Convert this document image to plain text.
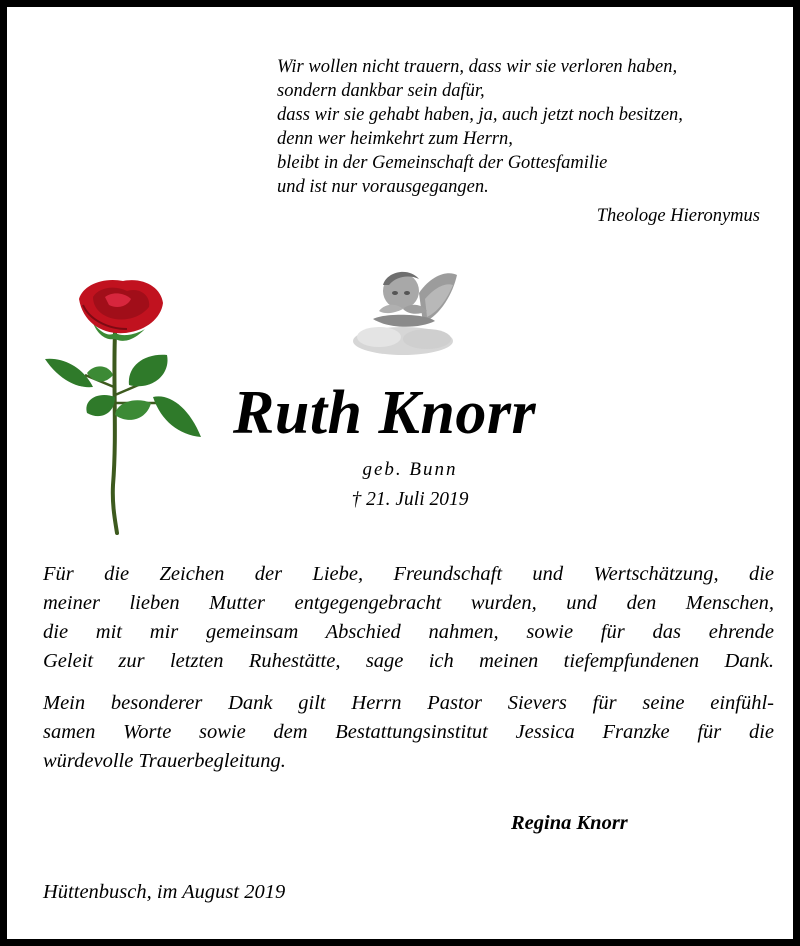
Wir wollen nicht trauern, dass wir sie verloren haben,
sondern dankbar sein dafür,
dass wir sie gehabt haben, ja, auch jetzt noch besitzen,
denn wer heimkehrt zum Herrn,
bleibt in der Gemeinschaft der Gottesfamilie
und ist nur vorausgegangen.
Theologe Hieronymus
Ruth Knorr
geb. Bunn
† 21. Juli 2019
Für die Zeichen der Liebe, Freundschaft und Wertschätzung, die
meiner lieben Mutter entgegengebracht wurden, und den Menschen,
die mit mir gemeinsam Abschied nahmen, sowie für das ehrende
Geleit zur letzten Ruhestätte, sage ich meinen tiefempfundenen Dank.
Mein besonderer Dank gilt Herrn Pastor Sievers für seine einfühl-
samen Worte sowie dem Bestattungsinstitut Jessica Franzke für die
würdevolle Trauerbegleitung.
Regina Knorr
Hüttenbusch, im August 2019
